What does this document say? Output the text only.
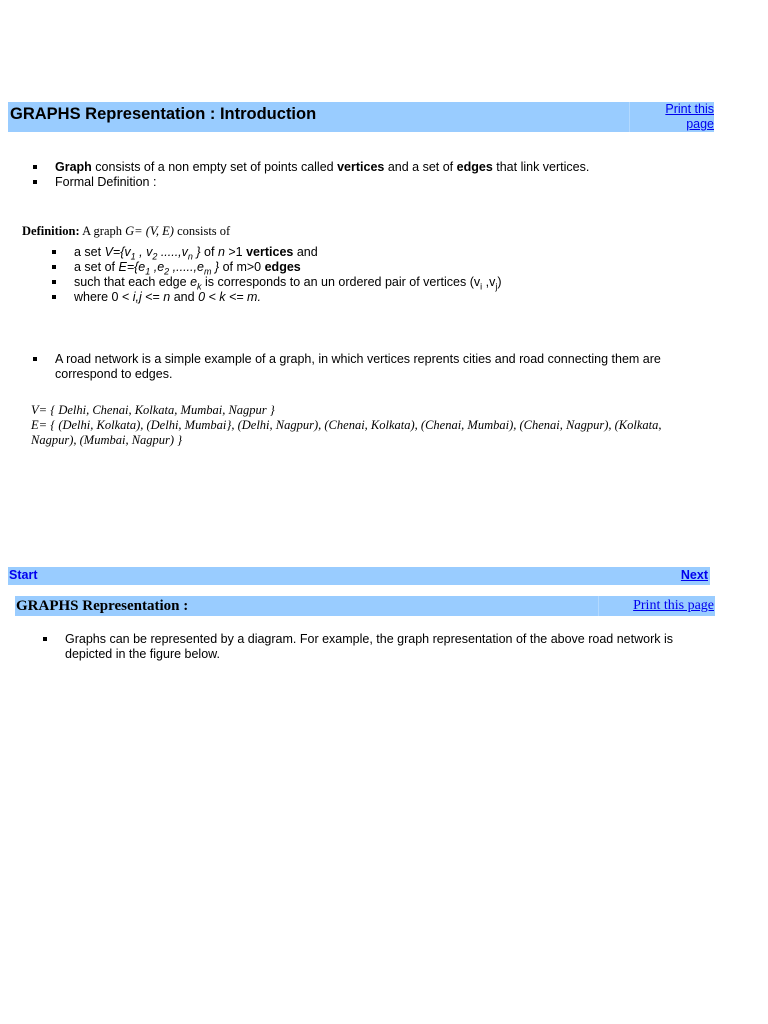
GRAPHS Representation : Introduction	Print this
page
Graph consists of a non empty set of points called vertices and a set of edges that link vertices.
Formal Definition :
Definition: A graph G= (V, E) consists of
a set $V=\{v_1$ , $v_2$ $.....,v_n$ } of n >1 vertices and
a set of $E=\{e_1$ $,e_2$ $,.....,e_m$ } of m>0 edges
such that each edge $e_k$ is corresponds to an un ordered pair of vertices ($v_i$ $,v_j$)
where 0 < i,j <= n and 0 < k <= m.
A road network is a simple example of a graph, in which vertices reprents cities and road connecting them are correspond to edges.
V= { Delhi, Chenai, Kolkata, Mumbai, Nagpur }
E= { (Delhi, Kolkata), (Delhi, Mumbai}, (Delhi, Nagpur), (Chenai, Kolkata), (Chenai, Mumbai), (Chenai, Nagpur), (Kolkata,
Nagpur), (Mumbai, Nagpur) }
Start	Next
GRAPHS Representation :	Print this page
Graphs can be represented by a diagram. For example, the graph representation of the above road network is depicted in the figure below.
